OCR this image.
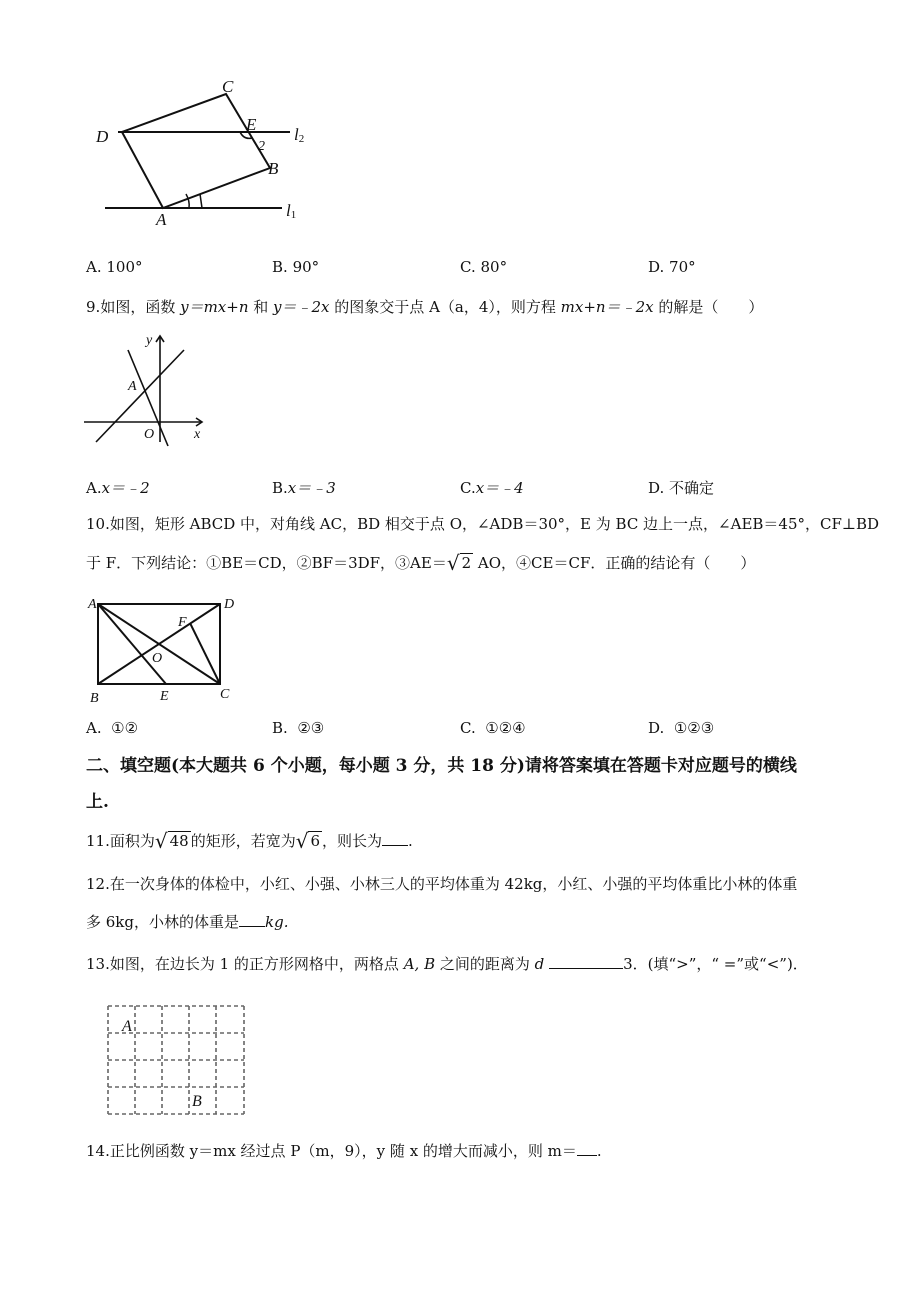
C
D
E
l2
2
B
A	l1
A. 100°	B. 90°	C. 80°	D. 70°
9.如图，函数 y＝mx+n 和 y＝﹣2x 的图象交于点 A（a，4），则方程 mx+n＝﹣2x 的解是（　　）
y
A
O	x
A.x＝﹣2	B.x＝﹣3	C.x＝﹣4	D. 不确定
10.如图，矩形 ABCD 中，对角线 AC，BD 相交于点 O，∠ADB＝30°，E 为 BC 边上一点，∠AEB＝45°，CF⊥BD
于 F．下列结论：①BE＝CD，②BF＝3DF，③AE＝√ 2 AO，④CE＝CF．正确的结论有（　　）
A	D
F
O
B	E	C
A. ①②	B. ②③	C. ①②④	D. ①②③
二、填空题(本大题共 6 个小题，每小题 3 分，共 18 分)请将答案填在答题卡对应题号的横线
上.
11.面积为√ 48 的矩形，若宽为√ 6 ，则长为 .
12.在一次身体的体检中，小红、小强、小林三人的平均体重为 42kg，小红、小强的平均体重比小林的体重
多 6kg，小林的体重是 kg.
13.如图，在边长为 1 的正方形网格中，两格点 A, B 之间的距离为 d	3．(填“>”，“ =”或“<”)．
A
B
14.正比例函数 y＝mx 经过点 P（m，9），y 随 x 的增大而减小，则 m＝ .
